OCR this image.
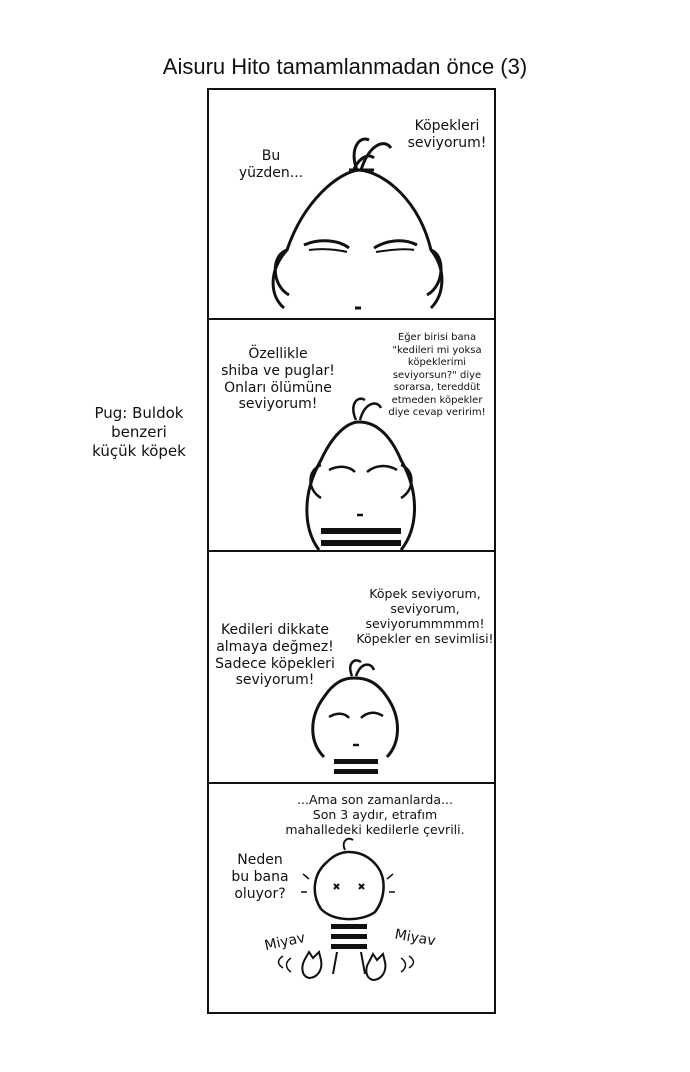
Aisuru Hito tamamlanmadan önce (3)
Pug: Buldok
benzeri
küçük köpek
Bu
yüzden...
Köpekleri
seviyorum!
Özellikle
shiba ve puglar!
Onları ölümüne
seviyorum!
Eğer birisi bana
"kedileri mi yoksa
köpeklerimi
seviyorsun?" diye
sorarsa, tereddüt
etmeden köpekler
diye cevap veririm!
Kedileri dikkate
almaya değmez!
Sadece köpekleri
seviyorum!
Köpek seviyorum,
seviyorum,
seviyorummmmm!
Köpekler en sevimlisi!
...Ama son zamanlarda...
Son 3 aydır, etrafım
mahalledeki kedilerle çevrili.
Neden
bu bana
oluyor?
Miyav	Miyav
